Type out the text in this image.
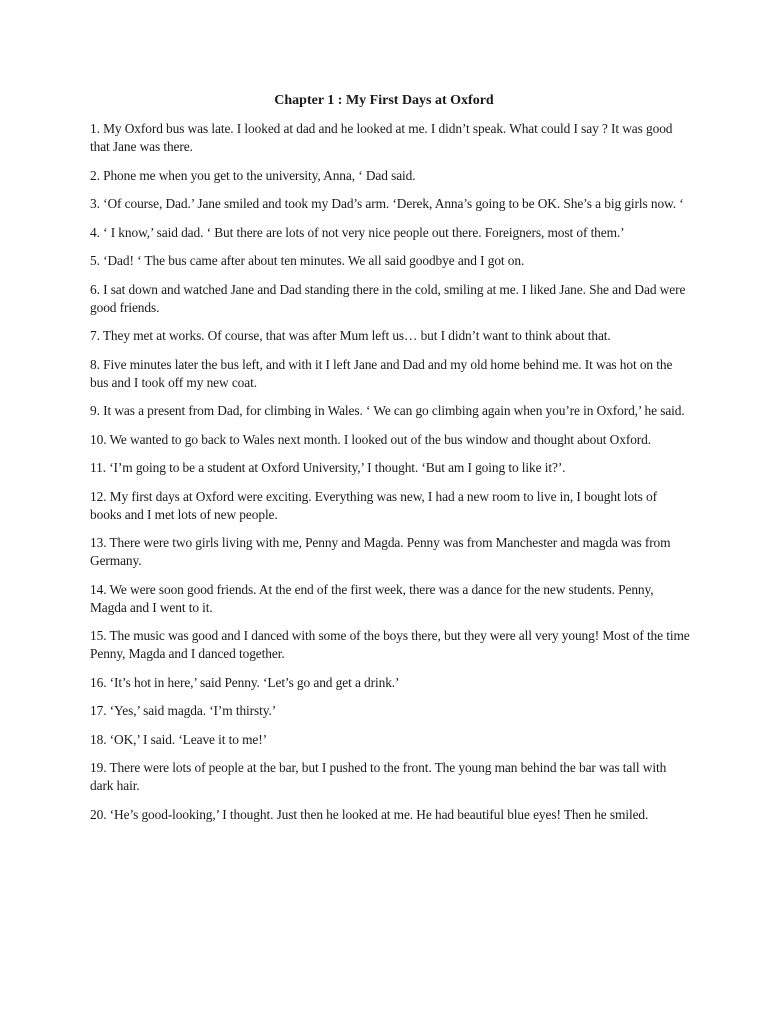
Chapter 1 : My First Days at Oxford

1. My Oxford bus was late. I looked at dad and he looked at me. I didn’t speak. What could I say ? It was good that Jane was there.

2. Phone me when you get to the university, Anna, ‘ Dad said.

3. ‘Of course, Dad.’ Jane smiled and took my Dad’s arm. ‘Derek, Anna’s going to be OK. She’s a big girls now. ‘

4. ‘ I know,’ said dad. ‘ But there are lots of not very nice people out there. Foreigners, most of them.’

5. ‘Dad! ‘ The bus came after about ten minutes. We all said goodbye and I got on.

6. I sat down and watched Jane and Dad standing there in the cold, smiling at me. I liked Jane. She and Dad were good friends.

7. They met at works. Of course, that was after Mum left us… but I didn’t want to think about that.

8. Five minutes later the bus left, and with it I left Jane and Dad and my old home behind me. It was hot on the bus and I took off my new coat.

9. It was a present from Dad, for climbing in Wales. ‘ We can go climbing again when you’re in Oxford,’ he said.

10. We wanted to go back to Wales next month. I looked out of the bus window and thought about Oxford.

11. ‘I’m going to be a student at Oxford University,’ I thought. ‘But am I going to like it?’.

12. My first days at Oxford were exciting. Everything was new, I had a new room to live in, I bought lots of books and I met lots of new people.

13. There were two girls living with me, Penny and Magda. Penny was from Manchester and magda was from Germany.

14. We were soon good friends. At the end of the first week, there was a dance for the new students. Penny, Magda and I went to it.

15. The music was good and I danced with some of the boys there, but they were all very young! Most of the time Penny, Magda and I danced together.

16. ‘It’s hot in here,’ said Penny. ‘Let’s go and get a drink.’

17. ‘Yes,’ said magda. ‘I’m thirsty.’

18. ‘OK,’ I said. ‘Leave it to me!’

19. There were lots of people at the bar, but I pushed to the front. The young man behind the bar was tall with dark hair.

20. ‘He’s good-looking,’ I thought. Just then he looked at me. He had beautiful blue eyes! Then he smiled.
